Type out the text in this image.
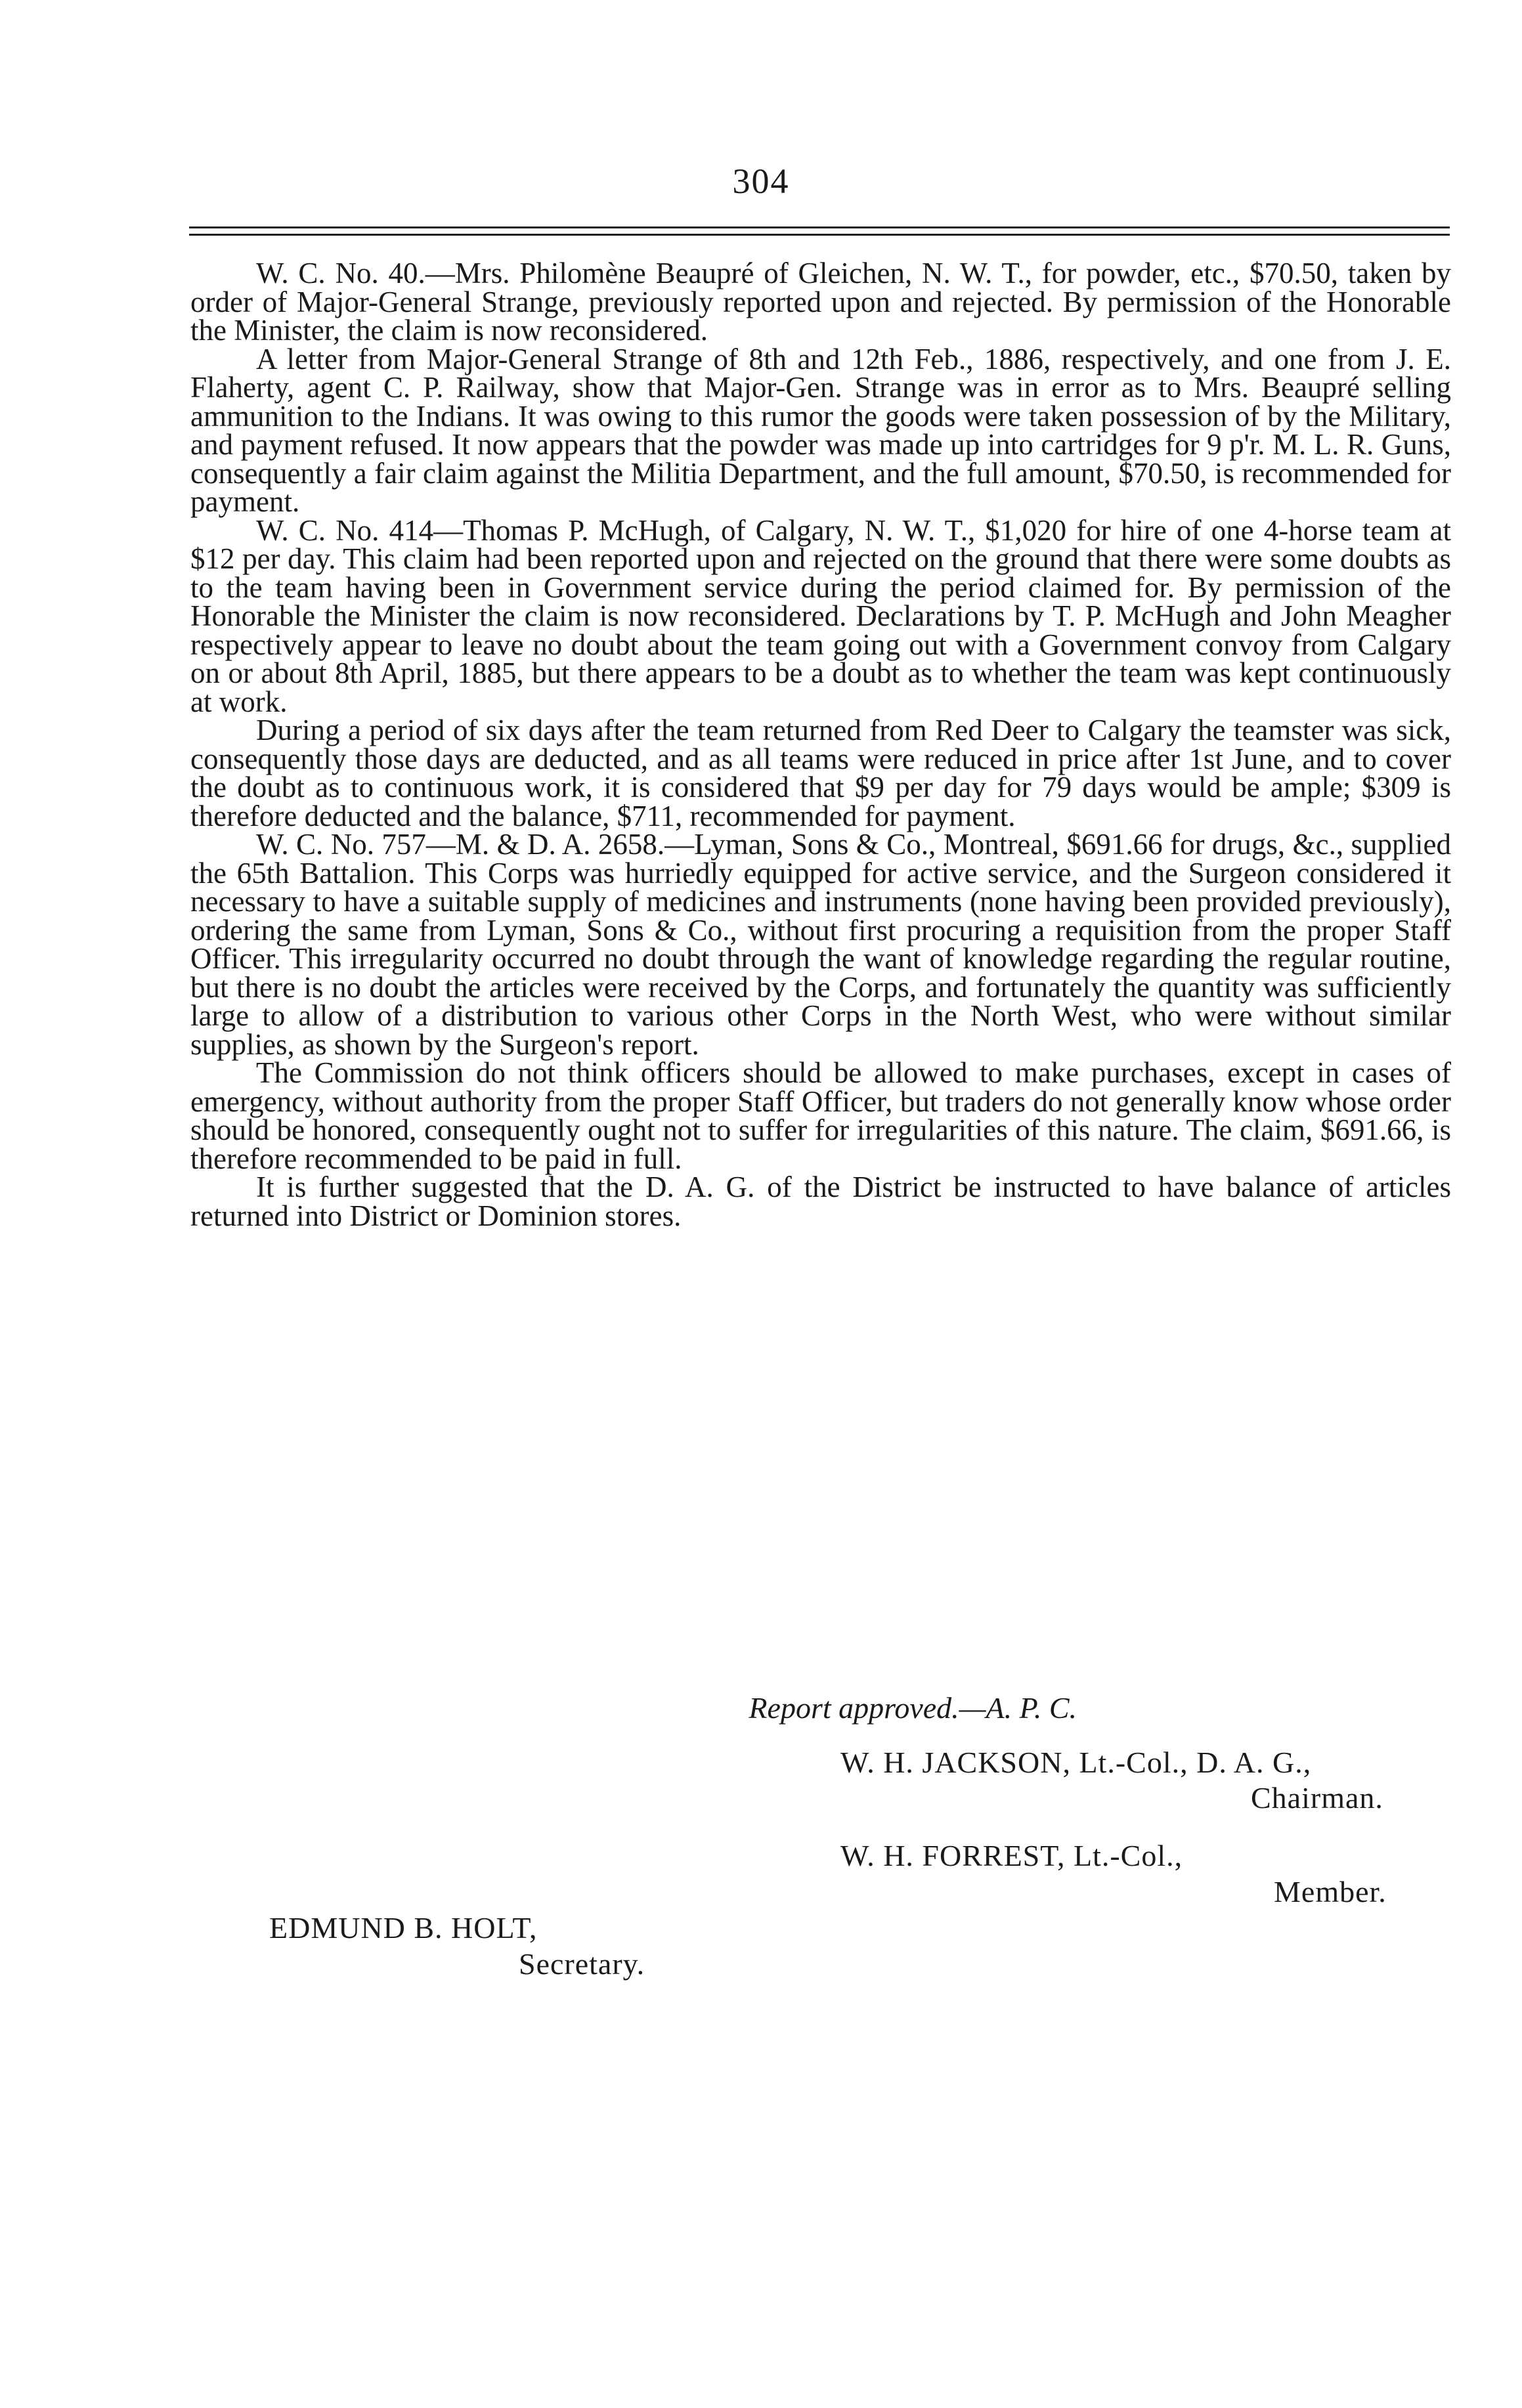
304

W. C. No. 40.—Mrs. Philomène Beaupré of Gleichen, N. W. T., for powder, etc., $70.50, taken by order of Major-General Strange, previously reported upon and rejected. By permission of the Honorable the Minister, the claim is now reconsidered.

A letter from Major-General Strange of 8th and 12th Feb., 1886, respectively, and one from J. E. Flaherty, agent C. P. Railway, show that Major-Gen. Strange was in error as to Mrs. Beaupré selling ammunition to the Indians. It was owing to this rumor the goods were taken possession of by the Military, and payment refused. It now appears that the powder was made up into cartridges for 9 p'r. M. L. R. Guns, consequently a fair claim against the Militia Department, and the full amount, $70.50, is recommended for payment.

W. C. No. 414—Thomas P. McHugh, of Calgary, N. W. T., $1,020 for hire of one 4-horse team at $12 per day. This claim had been reported upon and rejected on the ground that there were some doubts as to the team having been in Government service during the period claimed for. By permission of the Honorable the Minister the claim is now reconsidered. Declarations by T. P. McHugh and John Meagher respectively appear to leave no doubt about the team going out with a Government convoy from Calgary on or about 8th April, 1885, but there appears to be a doubt as to whether the team was kept continuously at work.

During a period of six days after the team returned from Red Deer to Calgary the teamster was sick, consequently those days are deducted, and as all teams were reduced in price after 1st June, and to cover the doubt as to continuous work, it is considered that $9 per day for 79 days would be ample; $309 is therefore deducted and the balance, $711, recommended for payment.

W. C. No. 757—M. & D. A. 2658.—Lyman, Sons & Co., Montreal, $691.66 for drugs, &c., supplied the 65th Battalion. This Corps was hurriedly equipped for active service, and the Surgeon considered it necessary to have a suitable supply of medicines and instruments (none having been provided previously), ordering the same from Lyman, Sons & Co., without first procuring a requisition from the proper Staff Officer. This irregularity occurred no doubt through the want of knowledge regarding the regular routine, but there is no doubt the articles were received by the Corps, and fortunately the quantity was sufficiently large to allow of a distribution to various other Corps in the North West, who were without similar supplies, as shown by the Surgeon's report.

The Commission do not think officers should be allowed to make purchases, except in cases of emergency, without authority from the proper Staff Officer, but traders do not generally know whose order should be honored, consequently ought not to suffer for irregularities of this nature. The claim, $691.66, is therefore recommended to be paid in full.

It is further suggested that the D. A. G. of the District be instructed to have balance of articles returned into District or Dominion stores.

Report approved.—A. P. C.
W. H. JACKSON, Lt.-Col., D. A. G.,
Chairman.
W. H. FORREST, Lt.-Col.,
Member.
EDMUND B. HOLT,
Secretary.
